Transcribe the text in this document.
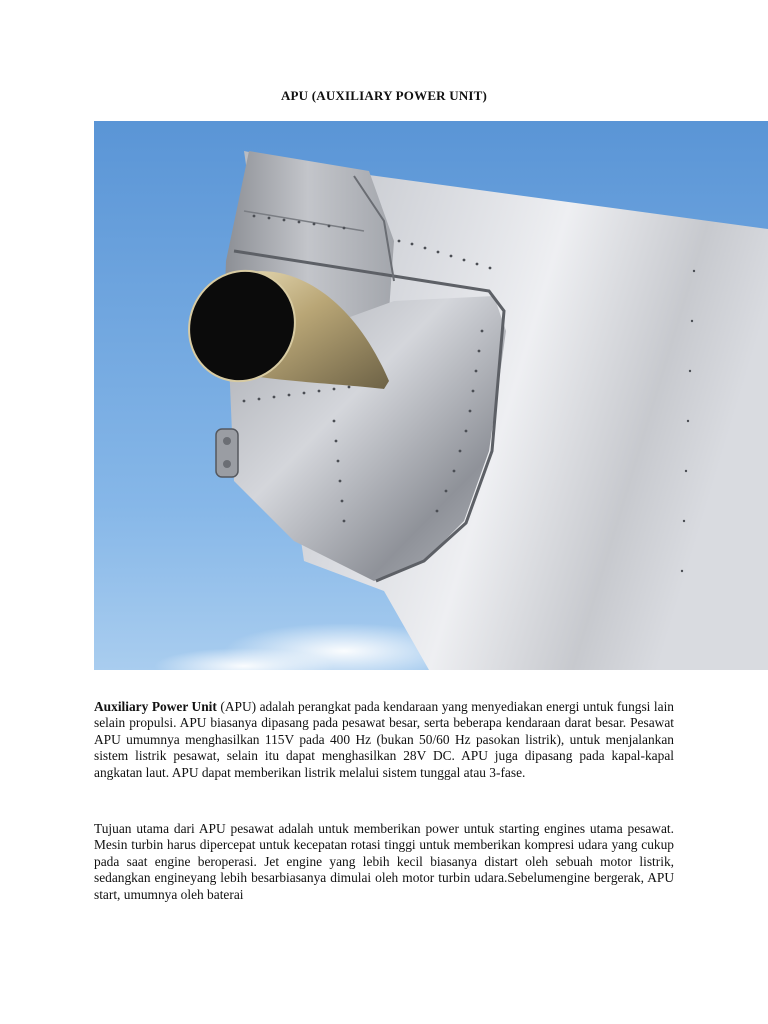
APU (AUXILIARY POWER UNIT)

Auxiliary Power Unit (APU) adalah perangkat pada kendaraan yang menyediakan energi untuk fungsi lain selain propulsi. APU biasanya dipasang pada pesawat besar, serta beberapa kendaraan darat besar. Pesawat APU umumnya menghasilkan 115V pada 400 Hz (bukan 50/60 Hz pasokan listrik), untuk menjalankan sistem listrik pesawat, selain itu dapat menghasilkan 28V DC. APU juga dipasang pada kapal-kapal angkatan laut. APU dapat memberikan listrik melalui sistem tunggal atau 3-fase.

Tujuan utama dari APU pesawat adalah untuk memberikan power untuk starting engines utama pesawat. Mesin turbin harus dipercepat untuk kecepatan rotasi tinggi untuk memberikan kompresi udara yang cukup pada saat engine beroperasi. Jet engine yang lebih kecil biasanya distart oleh sebuah motor listrik, sedangkan engineyang lebih besarbiasanya dimulai oleh motor turbin udara.Sebelumengine bergerak, APU start, umumnya oleh baterai
